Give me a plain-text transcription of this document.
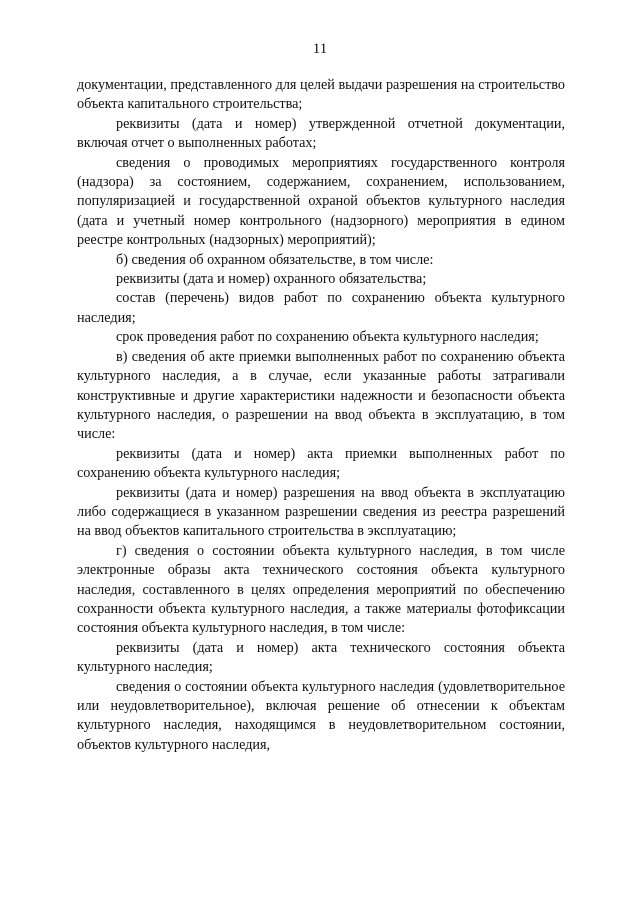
11

документации, представленного для целей выдачи разрешения на строительство объекта капитального строительства;

реквизиты (дата и номер) утвержденной отчетной документации, включая отчет о выполненных работах;

сведения о проводимых мероприятиях государственного контроля (надзора) за состоянием, содержанием, сохранением, использованием, популяризацией и государственной охраной объектов культурного наследия (дата и учетный номер контрольного (надзорного) мероприятия в едином реестре контрольных (надзорных) мероприятий);

б) сведения об охранном обязательстве, в том числе:

реквизиты (дата и номер) охранного обязательства;

состав (перечень) видов работ по сохранению объекта культурного наследия;

срок проведения работ по сохранению объекта культурного наследия;

в) сведения об акте приемки выполненных работ по сохранению объекта культурного наследия, а в случае, если указанные работы затрагивали конструктивные и другие характеристики надежности и безопасности объекта культурного наследия, о разрешении на ввод объекта в эксплуатацию, в том числе:

реквизиты (дата и номер) акта приемки выполненных работ по сохранению объекта культурного наследия;

реквизиты (дата и номер) разрешения на ввод объекта в эксплуатацию либо содержащиеся в указанном разрешении сведения из реестра разрешений на ввод объектов капитального строительства в эксплуатацию;

г) сведения о состоянии объекта культурного наследия, в том числе электронные образы акта технического состояния объекта культурного наследия, составленного в целях определения мероприятий по обеспечению сохранности объекта культурного наследия, а также материалы фотофиксации состояния объекта культурного наследия, в том числе:

реквизиты (дата и номер) акта технического состояния объекта культурного наследия;

сведения о состоянии объекта культурного наследия (удовлетворительное или неудовлетворительное), включая решение об отнесении к объектам культурного наследия, находящимся в неудовлетворительном состоянии, объектов культурного наследия,
